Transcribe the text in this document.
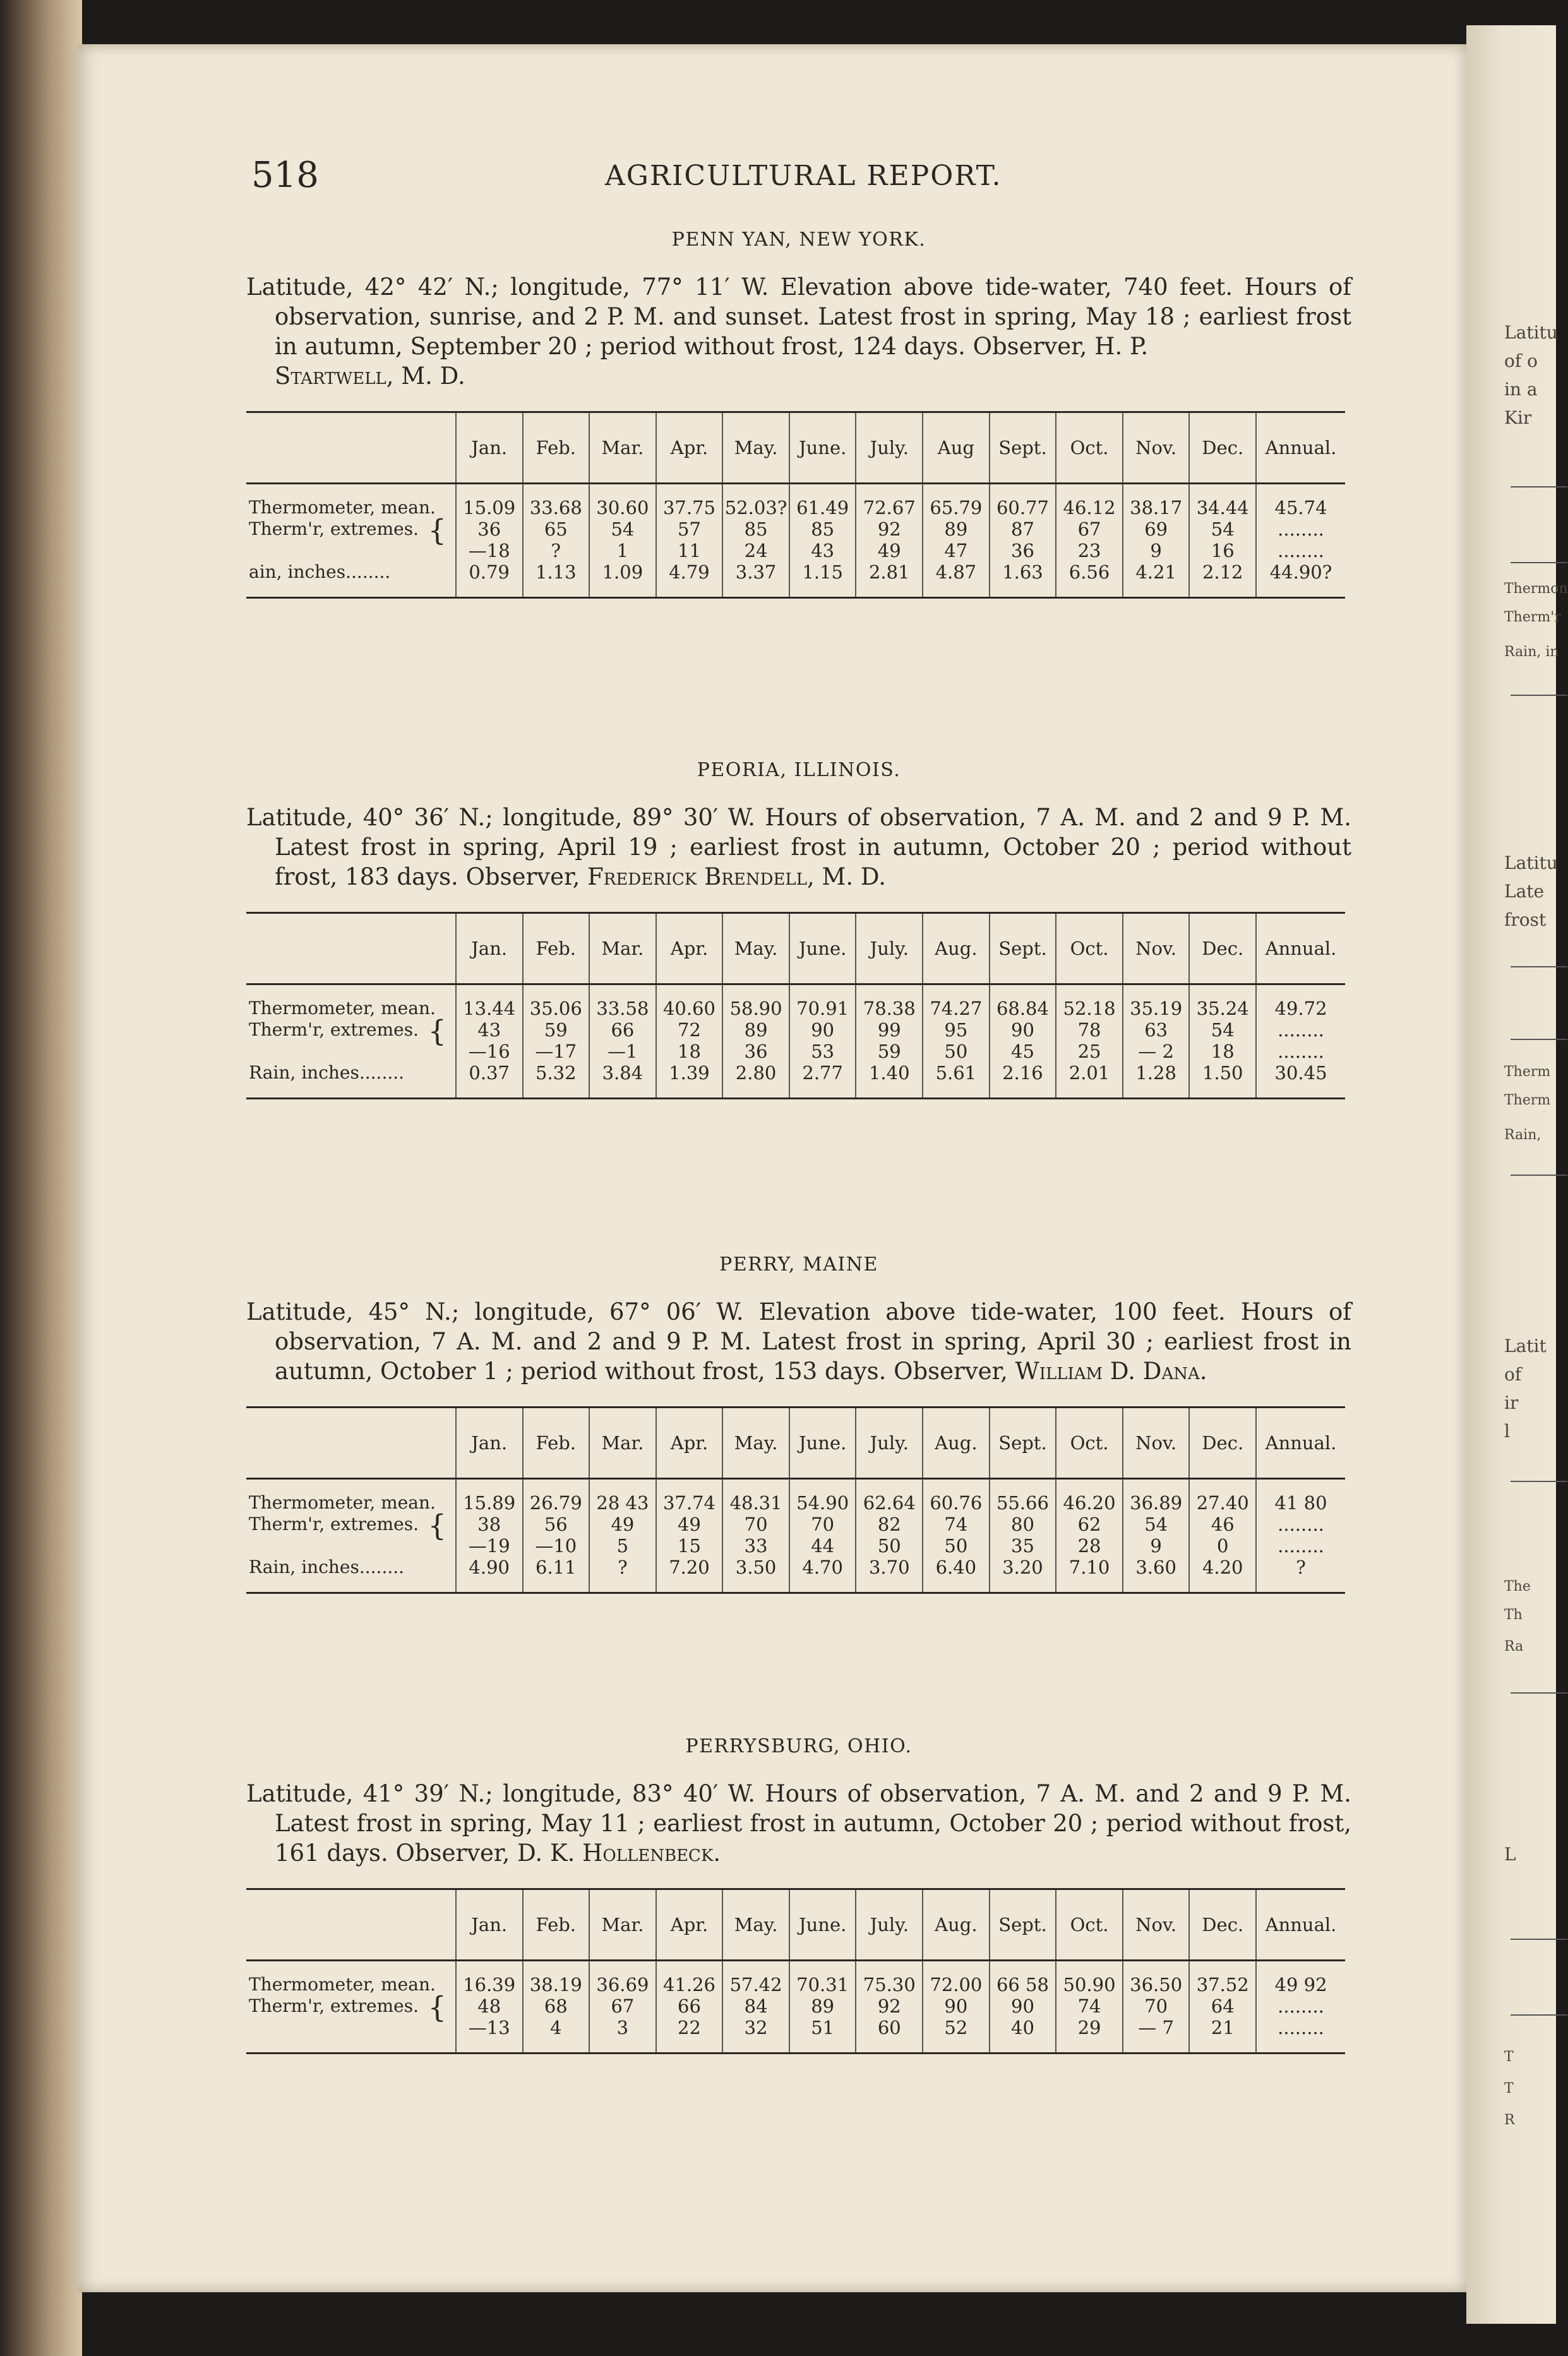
Latitu
of o
in a
Kir
Thermon
Therm'r
Rain, in
Latitu
Late
frost
Therm
Therm
Rain,
Latit
of
ir
l
The
Th
Ra
L
T
T
R
518	AGRICULTURAL REPORT.
PENN YAN, NEW YORK.

Latitude, 42° 42′ N.; longitude, 77° 11′ W. Elevation above tide-water, 740 feet. Hours of observation, sunrise, and 2 P. M. and sunset. Latest frost in spring, May 18 ; earliest frost in autumn, September 20 ; period without frost, 124 days. Observer, H. P.
Startwell, M. D.

	Jan.	Feb.	Mar.	Apr.	May.	June.	July.	Aug	Sept.	Oct.	Nov.	Dec.	Annual.
Thermometer, mean.	15.09	33.68	30.60	37.75	52.03?	61.49	72.67	65.79	60.77	46.12	38.17	34.44	45.74
Therm'r, extremes. {	36	65	54	57	85	85	92	89	87	67	69	54	........
	—18	?	1	11	24	43	49	47	36	23	9	16	........
ain, inches........	0.79	1.13	1.09	4.79	3.37	1.15	2.81	4.87	1.63	6.56	4.21	2.12	44.90?
PEORIA, ILLINOIS.

Latitude, 40° 36′ N.; longitude, 89° 30′ W. Hours of observation, 7 A. M. and 2 and 9 P. M. Latest frost in spring, April 19 ; earliest frost in autumn, October 20 ; period without frost, 183 days. Observer, Frederick Brendell, M. D.

	Jan.	Feb.	Mar.	Apr.	May.	June.	July.	Aug.	Sept.	Oct.	Nov.	Dec.	Annual.
Thermometer, mean.	13.44	35.06	33.58	40.60	58.90	70.91	78.38	74.27	68.84	52.18	35.19	35.24	49.72
Therm'r, extremes. {	43	59	66	72	89	90	99	95	90	78	63	54	........
	—16	—17	—1	18	36	53	59	50	45	25	— 2	18	........
Rain, inches........	0.37	5.32	3.84	1.39	2.80	2.77	1.40	5.61	2.16	2.01	1.28	1.50	30.45
PERRY, MAINE

Latitude, 45° N.; longitude, 67° 06′ W. Elevation above tide-water, 100 feet. Hours of observation, 7 A. M. and 2 and 9 P. M. Latest frost in spring, April 30 ; earliest frost in autumn, October 1 ; period without frost, 153 days. Observer, William D. Dana.

	Jan.	Feb.	Mar.	Apr.	May.	June.	July.	Aug.	Sept.	Oct.	Nov.	Dec.	Annual.
Thermometer, mean.	15.89	26.79	28 43	37.74	48.31	54.90	62.64	60.76	55.66	46.20	36.89	27.40	41 80
Therm'r, extremes. {	38	56	49	49	70	70	82	74	80	62	54	46	........
	—19	—10	5	15	33	44	50	50	35	28	9	0	........
Rain, inches........	4.90	6.11	?	7.20	3.50	4.70	3.70	6.40	3.20	7.10	3.60	4.20	?
PERRYSBURG, OHIO.

Latitude, 41° 39′ N.; longitude, 83° 40′ W. Hours of observation, 7 A. M. and 2 and 9 P. M. Latest frost in spring, May 11 ; earliest frost in autumn, October 20 ; period without frost, 161 days. Observer, D. K. Hollenbeck.

	Jan.	Feb.	Mar.	Apr.	May.	June.	July.	Aug.	Sept.	Oct.	Nov.	Dec.	Annual.
Thermometer, mean.	16.39	38.19	36.69	41.26	57.42	70.31	75.30	72.00	66 58	50.90	36.50	37.52	49 92
Therm'r, extremes. {	48	68	67	66	84	89	92	90	90	74	70	64	........
	—13	4	3	22	32	51	60	52	40	29	— 7	21	........
